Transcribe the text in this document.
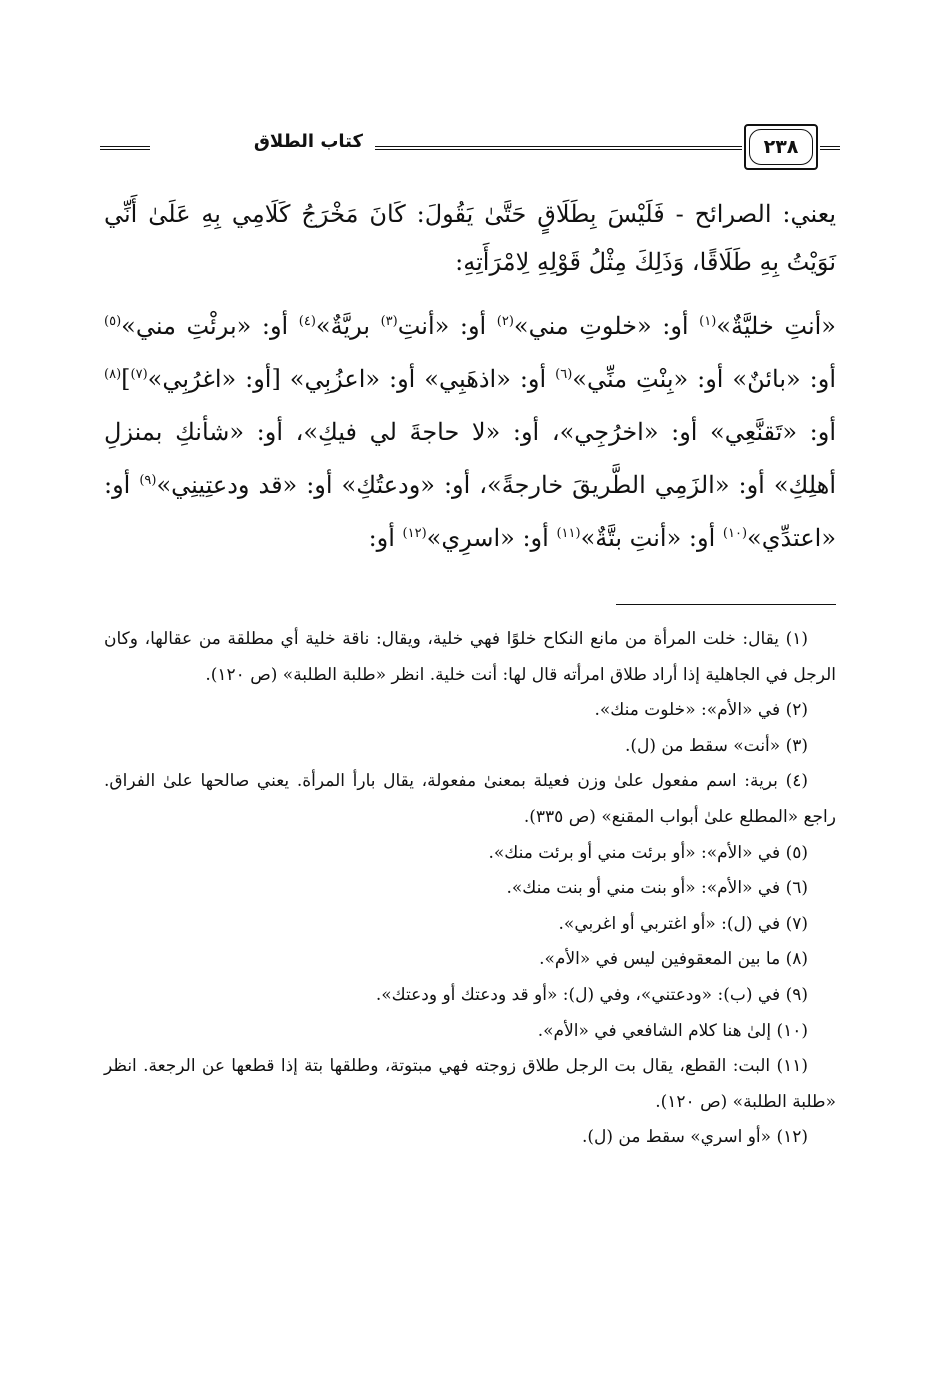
٢٣٨
كتاب الطلاق

يعني: الصرائح - فَلَيْسَ بِطَلَاقٍ حَتَّىٰ يَقُولَ: كَانَ مَخْرَجُ كَلَامِي بِهِ عَلَىٰ أَنِّي نَوَيْتُ بِهِ طَلَاقًا، وَذَلِكَ مِثْلُ قَوْلِهِ لِامْرَأَتِهِ:

«أنتِ خليَّةٌ»$^{(١)}$ أو: «خلوتِ مني»$^{(٢)}$ أو: «أنتِ$^{(٣)}$ بريَّةٌ»$^{(٤)}$ أو: «برئْتِ مني»$^{(٥)}$ أو: «بائنٌ» أو: «بِنْتِ منِّي»$^{(٦)}$ أو: «اذهَبِي» أو: «اعزُبِي» [أو: «اغرُبِي»$^{(٧)}$]$^{(٨)}$ أو: «تَقنَّعِي» أو: «اخرُجِي»، أو: «لا حاجةَ لي فيكِ»، أو: «شأنكِ بمنزلِ أهلِكِ» أو: «الزَمِي الطَّريقَ خارجةً»، أو: «ودعتُكِ» أو: «قد ودعتِينِي»$^{(٩)}$ أو: «اعتدِّي»$^{(١٠)}$ أو: «أنتِ بتَّةٌ»$^{(١١)}$ أو: «اسرِي»$^{(١٢)}$ أو:

(١) يقال: خلت المرأة من مانع النكاح خلوًا فهي خلية، ويقال: ناقة خلية أي مطلقة من عقالها، وكان الرجل في الجاهلية إذا أراد طلاق امرأته قال لها: أنت خلية. انظر «طلبة الطلبة» (ص ١٢٠).

(٢) في «الأم»: «خلوت منك».

(٣) «أنت» سقط من (ل).

(٤) برية: اسم مفعول علىٰ وزن فعيلة بمعنىٰ مفعولة، يقال بارأ المرأة. يعني صالحها علىٰ الفراق. راجع «المطلع علىٰ أبواب المقنع» (ص ٣٣٥).

(٥) في «الأم»: «أو برئت مني أو برئت منك».

(٦) في «الأم»: «أو بنت مني أو بنت منك».

(٧) في (ل): «أو اغتربي أو اغربي».

(٨) ما بين المعقوفين ليس في «الأم».

(٩) في (ب): «ودعتني»، وفي (ل): «أو قد ودعتك أو ودعتك».

(١٠) إلىٰ هنا كلام الشافعي في «الأم».

(١١) البت: القطع، يقال بت الرجل طلاق زوجته فهي مبتوتة، وطلقها بتة إذا قطعها عن الرجعة. انظر «طلبة الطلبة» (ص ١٢٠).

(١٢) «أو اسري» سقط من (ل).
